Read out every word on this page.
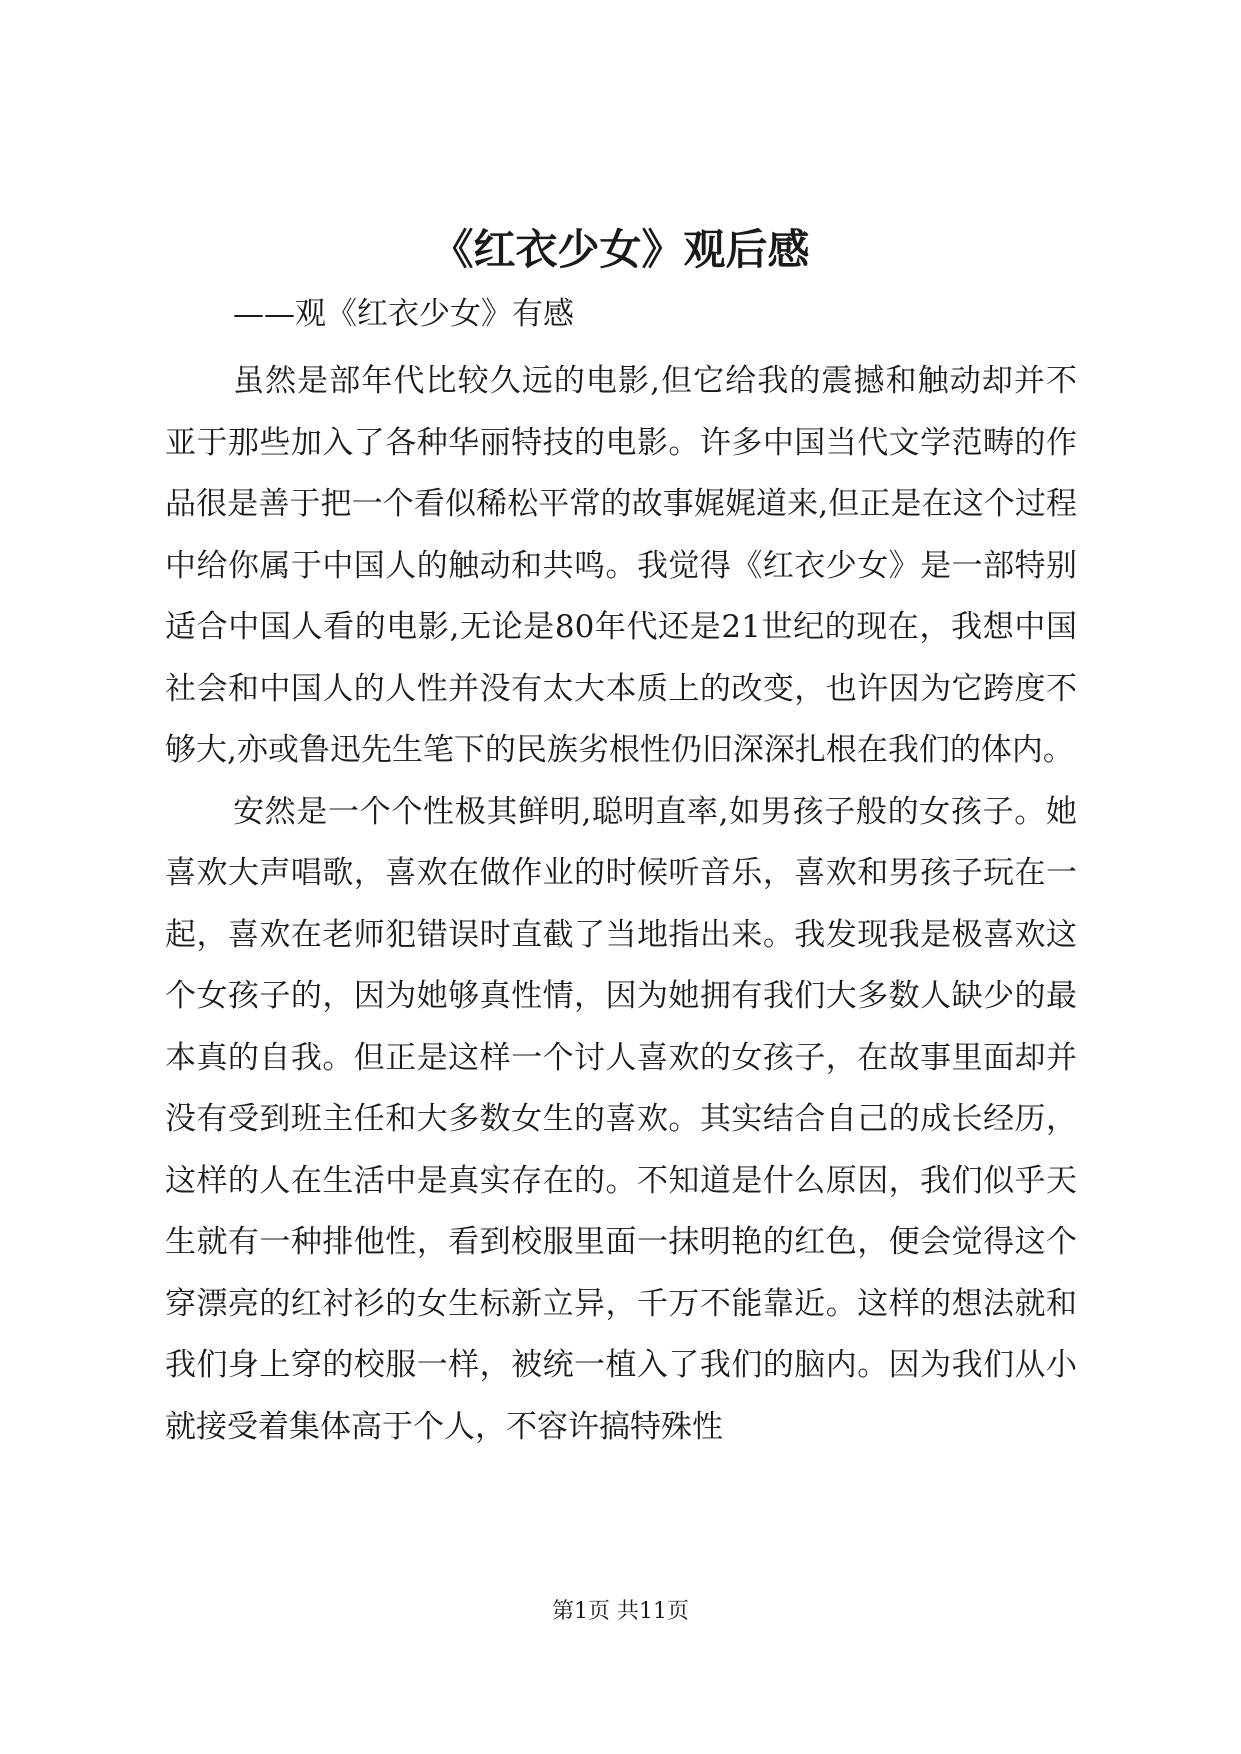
《红衣少女》观后感
——观《红衣少女》有感

虽然是部年代比较久远的电影,但它给我的震撼和触动却并不亚于那些加入了各种华丽特技的电影。许多中国当代文学范畴的作品很是善于把一个看似稀松平常的故事娓娓道来,但正是在这个过程中给你属于中国人的触动和共鸣。我觉得《红衣少女》是一部特别适合中国人看的电影,无论是80年代还是21世纪的现在，我想中国社会和中国人的人性并没有太大本质上的改变，也许因为它跨度不够大,亦或鲁迅先生笔下的民族劣根性仍旧深深扎根在我们的体内。

安然是一个个性极其鲜明,聪明直率,如男孩子般的女孩子。她喜欢大声唱歌，喜欢在做作业的时候听音乐，喜欢和男孩子玩在一起，喜欢在老师犯错误时直截了当地指出来。我发现我是极喜欢这个女孩子的，因为她够真性情，因为她拥有我们大多数人缺少的最本真的自我。但正是这样一个讨人喜欢的女孩子，在故事里面却并没有受到班主任和大多数女生的喜欢。其实结合自己的成长经历，这样的人在生活中是真实存在的。不知道是什么原因，我们似乎天生就有一种排他性，看到校服里面一抹明艳的红色，便会觉得这个穿漂亮的红衬衫的女生标新立异，千万不能靠近。这样的想法就和我们身上穿的校服一样，被统一植入了我们的脑内。因为我们从小就接受着集体高于个人，不容许搞特殊性

第1页 共11页
